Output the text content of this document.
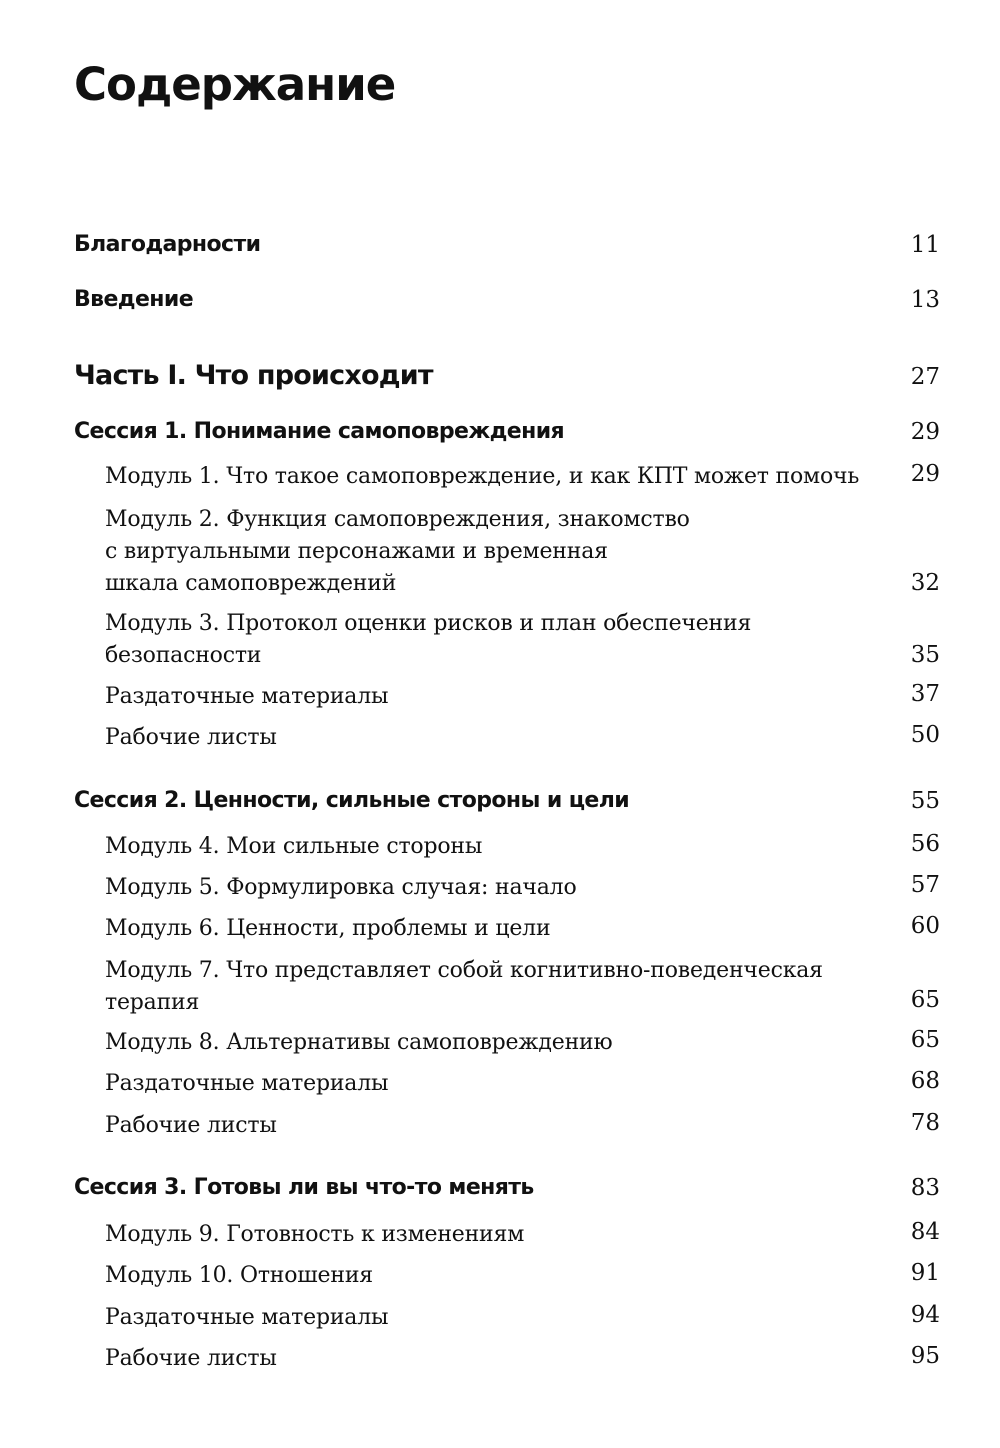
Содержание
Благодарности	11
Введение	13
Часть I. Что происходит	27
Сессия 1. Понимание самоповреждения	29
Модуль 1. Что такое самоповреждение, и как КПТ может помочь 29
Модуль 2. Функция самоповреждения, знакомство
с виртуальными персонажами и временная
шкала самоповреждений	32
Модуль 3. Протокол оценки рисков и план обеспечения
безопасности	35
Раздаточные материалы	37
Рабочие листы	50
Сессия 2. Ценности, сильные стороны и цели	55
Модуль 4. Мои сильные стороны	56
Модуль 5. Формулировка случая: начало	57
Модуль 6. Ценности, проблемы и цели	60
Модуль 7. Что представляет собой когнитивно-поведенческая
терапия	65
Модуль 8. Альтернативы самоповреждению	65
Раздаточные материалы	68
Рабочие листы	78
Сессия 3. Готовы ли вы что-то менять	83
Модуль 9. Готовность к изменениям	84
Модуль 10. Отношения	91
Раздаточные материалы	94
Рабочие листы	95
